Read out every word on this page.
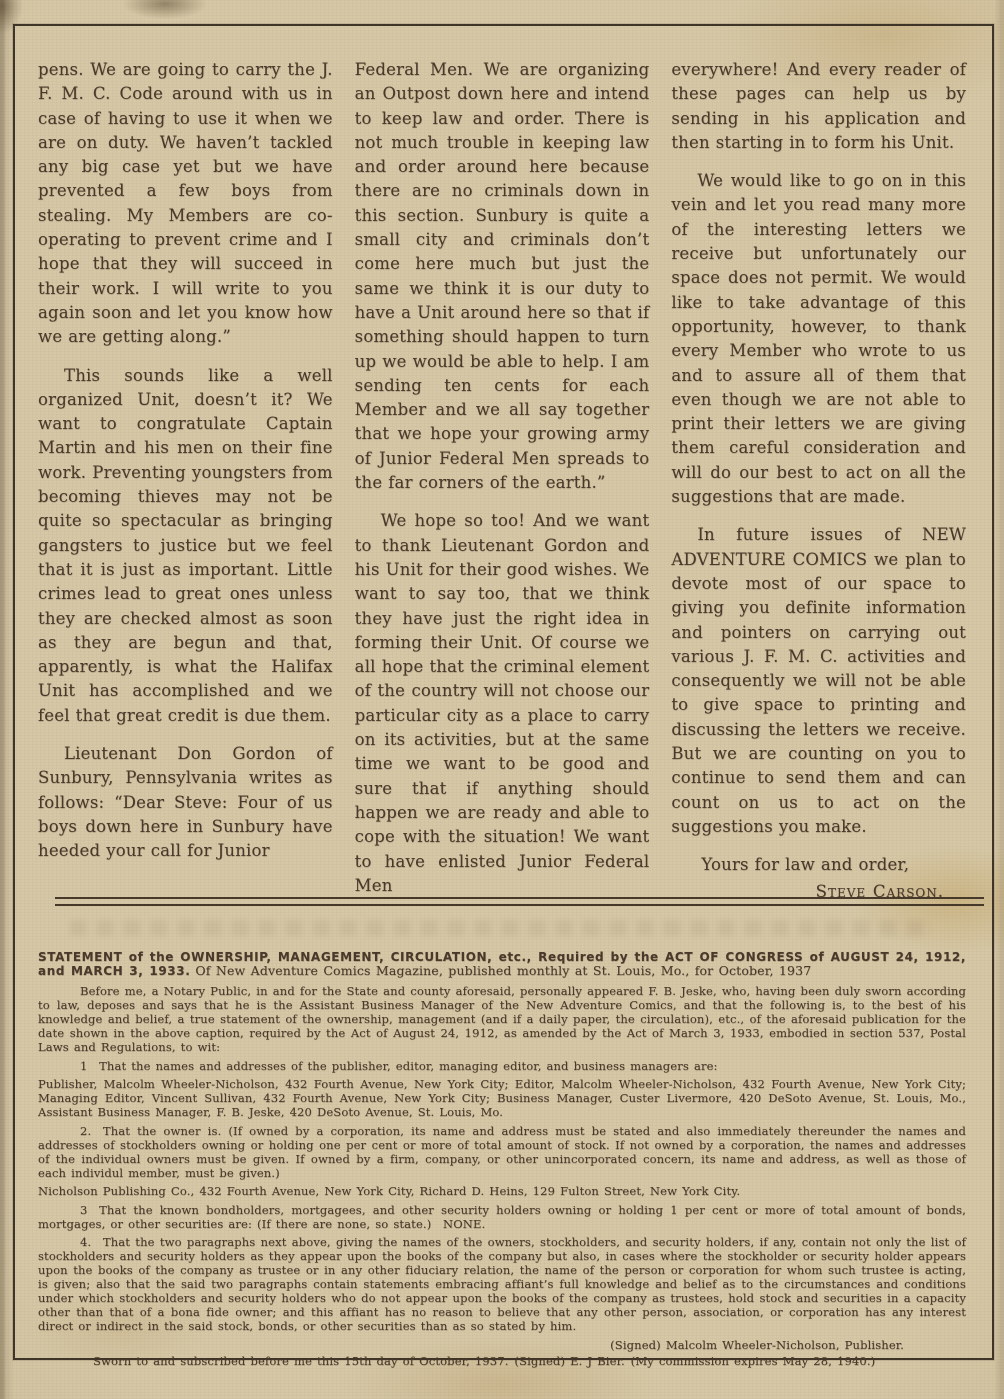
pens. We are going to carry the J. F. M. C. Code around with us in case of having to use it when we are on duty. We haven’t tackled any big case yet but we have prevented a few boys from stealing. My Members are co-operating to prevent crime and I hope that they will succeed in their work. I will write to you again soon and let you know how we are getting along.”

This sounds like a well organized Unit, doesn’t it? We want to congratulate Captain Martin and his men on their fine work. Preventing youngsters from becoming thieves may not be quite so spectacular as bringing gangsters to justice but we feel that it is just as important. Little crimes lead to great ones unless they are checked almost as soon as they are begun and that, apparently, is what the Halifax Unit has accomplished and we feel that great credit is due them.

Lieutenant Don Gordon of Sunbury, Pennsylvania writes as follows: “Dear Steve: Four of us boys down here in Sunbury have heeded your call for Junior

Federal Men. We are organizing an Outpost down here and intend to keep law and order. There is not much trouble in keeping law and order around here because there are no criminals down in this section. Sunbury is quite a small city and criminals don’t come here much but just the same we think it is our duty to have a Unit around here so that if something should happen to turn up we would be able to help. I am sending ten cents for each Member and we all say together that we hope your growing army of Junior Federal Men spreads to the far corners of the earth.”

We hope so too! And we want to thank Lieutenant Gordon and his Unit for their good wishes. We want to say too, that we think they have just the right idea in forming their Unit. Of course we all hope that the criminal element of the country will not choose our particular city as a place to carry on its activities, but at the same time we want to be good and sure that if anything should happen we are ready and able to cope with the situation! We want to have enlisted Junior Federal Men

everywhere! And every reader of these pages can help us by sending in his application and then starting in to form his Unit.

We would like to go on in this vein and let you read many more of the interesting letters we receive but unfortunately our space does not permit. We would like to take advantage of this opportunity, however, to thank every Member who wrote to us and to assure all of them that even though we are not able to print their letters we are giving them careful consideration and will do our best to act on all the suggestions that are made.

In future issues of NEW ADVENTURE COMICS we plan to devote most of our space to giving you definite information and pointers on carrying out various J. F. M. C. activities and consequently we will not be able to give space to printing and discussing the letters we receive. But we are counting on you to continue to send them and can count on us to act on the suggestions you make.

Yours for law and order,

Steve Carson.

STATEMENT of the OWNERSHIP, MANAGEMENT, CIRCULATION, etc., Required by the ACT OF CONGRESS of AUGUST 24, 1912, and MARCH 3, 1933. Of New Adventure Comics Magazine, published monthly at St. Louis, Mo., for October, 1937

Before me, a Notary Public, in and for the State and county aforesaid, personally appeared F. B. Jeske, who, having been duly sworn according to law, deposes and says that he is the Assistant Business Manager of the New Adventure Comics, and that the following is, to the best of his knowledge and belief, a true statement of the ownership, management (and if a daily paper, the circulation), etc., of the aforesaid publication for the date shown in the above caption, required by the Act of August 24, 1912, as amended by the Act of March 3, 1933, embodied in section 537, Postal Laws and Regulations, to wit:

1 That the names and addresses of the publisher, editor, managing editor, and business managers are:

Publisher, Malcolm Wheeler-Nicholson, 432 Fourth Avenue, New York City; Editor, Malcolm Wheeler-Nicholson, 432 Fourth Avenue, New York City; Managing Editor, Vincent Sullivan, 432 Fourth Avenue, New York City; Business Manager, Custer Livermore, 420 DeSoto Avenue, St. Louis, Mo., Assistant Business Manager, F. B. Jeske, 420 DeSoto Avenue, St. Louis, Mo.

2. That the owner is. (If owned by a corporation, its name and address must be stated and also immediately thereunder the names and addresses of stockholders owning or holding one per cent or more of total amount of stock. If not owned by a corporation, the names and addresses of the individual owners must be given. If owned by a firm, company, or other unincorporated concern, its name and address, as well as those of each individul member, must be given.)

Nicholson Publishing Co., 432 Fourth Avenue, New York City, Richard D. Heins, 129 Fulton Street, New York City.

3 That the known bondholders, mortgagees, and other security holders owning or holding 1 per cent or more of total amount of bonds, mortgages, or other securities are: (If there are none, so state.) NONE.

4. That the two paragraphs next above, giving the names of the owners, stockholders, and security holders, if any, contain not only the list of stockholders and security holders as they appear upon the books of the company but also, in cases where the stockholder or security holder appears upon the books of the company as trustee or in any other fiduciary relation, the name of the person or corporation for whom such trustee is acting, is given; also that the said two paragraphs contain statements embracing affiant’s full knowledge and belief as to the circumstances and conditions under which stockholders and security holders who do not appear upon the books of the company as trustees, hold stock and securities in a capacity other than that of a bona fide owner; and this affiant has no reason to believe that any other person, association, or corporation has any interest direct or indirect in the said stock, bonds, or other securities than as so stated by him.

(Signed) Malcolm Wheeler-Nicholson, Publisher.

Sworn to and subscribed before me this 15th day of October, 1937. (Signed) E. J Bier. (My commission expires May 28, 1940.)
